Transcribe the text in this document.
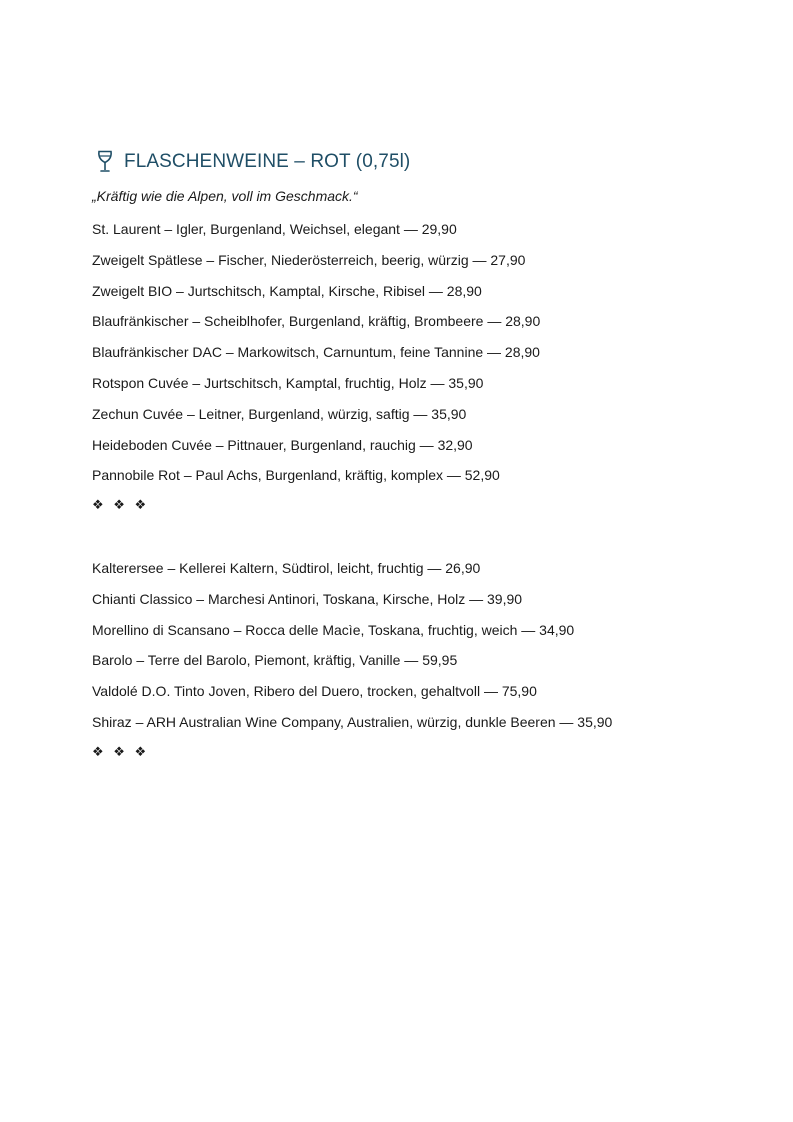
FLASCHENWEINE – ROT (0,75l)
„Kräftig wie die Alpen, voll im Geschmack.“
St. Laurent – Igler, Burgenland, Weichsel, elegant — 29,90
Zweigelt Spätlese – Fischer, Niederösterreich, beerig, würzig — 27,90
Zweigelt BIO – Jurtschitsch, Kamptal, Kirsche, Ribisel — 28,90
Blaufränkischer – Scheiblhofer, Burgenland, kräftig, Brombeere — 28,90
Blaufränkischer DAC – Markowitsch, Carnuntum, feine Tannine — 28,90
Rotspon Cuvée – Jurtschitsch, Kamptal, fruchtig, Holz — 35,90
Zechun Cuvée – Leitner, Burgenland, würzig, saftig — 35,90
Heideboden Cuvée – Pittnauer, Burgenland, rauchig — 32,90
Pannobile Rot – Paul Achs, Burgenland, kräftig, komplex — 52,90
❖ ❖ ❖
Kalterersee – Kellerei Kaltern, Südtirol, leicht, fruchtig — 26,90
Chianti Classico – Marchesi Antinori, Toskana, Kirsche, Holz — 39,90
Morellino di Scansano – Rocca delle Macìe, Toskana, fruchtig, weich — 34,90
Barolo – Terre del Barolo, Piemont, kräftig, Vanille — 59,95
Valdolé D.O. Tinto Joven, Ribero del Duero, trocken, gehaltvoll — 75,90
Shiraz – ARH Australian Wine Company, Australien, würzig, dunkle Beeren — 35,90
❖ ❖ ❖
